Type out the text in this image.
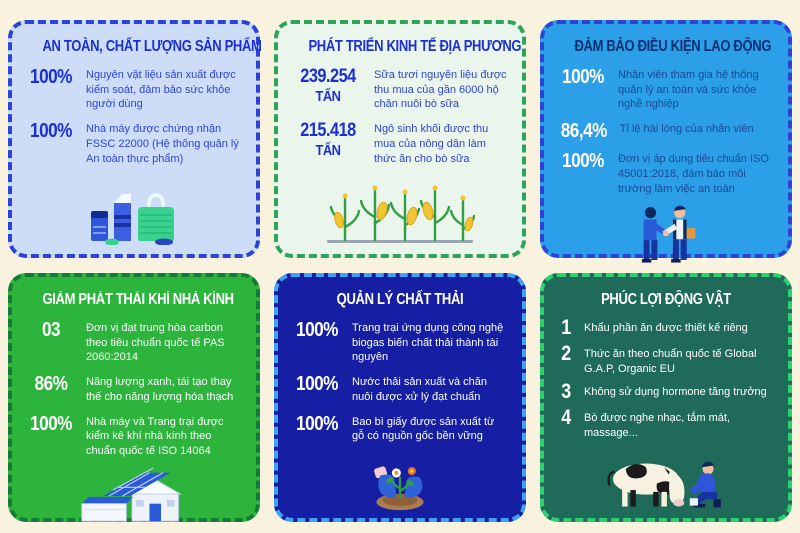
AN TOÀN, CHẤT LƯỢNG SẢN PHẨM
100% Nguyên vật liệu sản xuất được kiểm soát, đảm bảo sức khỏe người dùng

100% Nhà máy được chứng nhận FSSC 22000 (Hệ thống quản lý An toàn thực phẩm)

PHÁT TRIỂN KINH TẾ ĐỊA PHƯƠNG
239.254
TẤN

Sữa tươi nguyên liệu được thu mua của gần 6000 hộ chăn nuôi bò sữa

215.418
TẤN

Ngô sinh khối được thu mua của nông dân làm thức ăn cho bò sữa

ĐẢM BẢO ĐIỀU KIỆN LAO ĐỘNG
100% Nhân viên tham gia hệ thống quản lý an toàn và sức khỏe nghề nghiệp

86,4% Tỉ lệ hài lòng của nhân viên

100% Đơn vị áp dụng tiêu chuẩn ISO 45001:2018, đảm bảo môi trường làm việc an toàn

GIẢM PHÁT THẢI KHÍ NHÀ KÍNH
03	Đơn vị đạt trung hòa carbon theo tiêu chuẩn quốc tế PAS 2060:2014

86%	Năng lượng xanh, tái tạo thay thế cho năng lượng hóa thạch

100% Nhà máy và Trang trại được kiểm kê khí nhà kính theo chuẩn quốc tế ISO 14064

QUẢN LÝ CHẤT THẢI
100% Trang trại ứng dụng công nghệ biogas biến chất thải thành tài nguyên

100% Nước thải sản xuất và chăn nuôi được xử lý đạt chuẩn

100% Bao bì giấy được sản xuất từ gỗ có nguồn gốc bền vững

PHÚC LỢI ĐỘNG VẬT
1 Khẩu phần ăn được thiết kế riêng

2 Thức ăn theo chuẩn quốc tế Global G.A.P, Organic EU

3 Không sử dụng hormone tăng trưởng

4 Bò được nghe nhạc, tắm mát, massage...
